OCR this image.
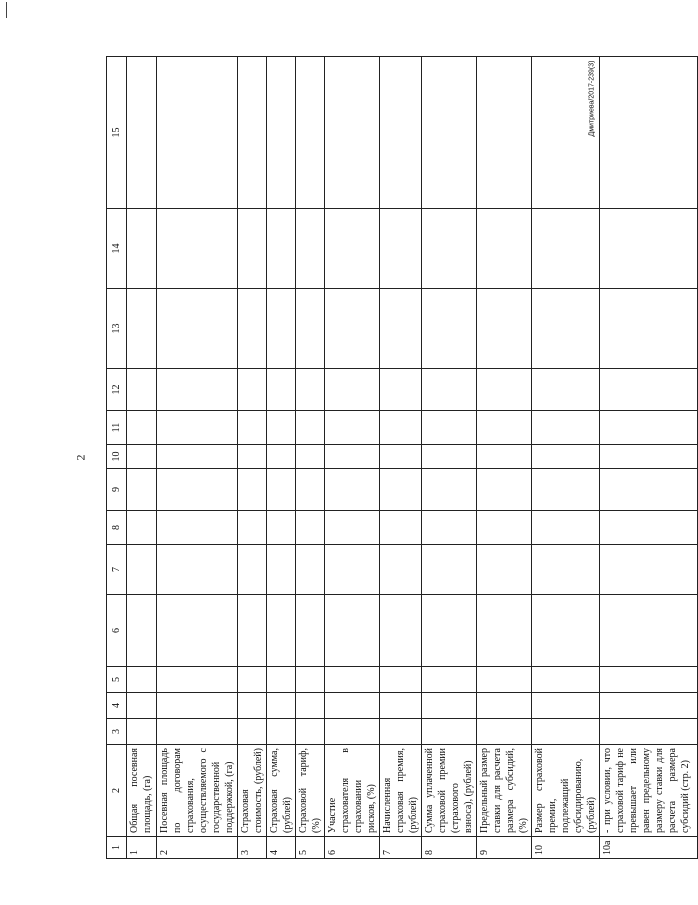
2
Дмитриева/2017-239(3)
1	2	3	4	5	6	7	8	9	10	11	12	13	14	15
1	Общая посевная площадь, (га)													
2	Посевная площадь по договорам страхования, осуществляемого с государственной поддержкой, (га)													
3	Страховая стоимость, (рублей)													
4	Страховая сумма, (рублей)													
5	Страховой тариф, (%)													
6	Участие страхователя в страховании рисков, (%)													
7	Начисленная страховая премия, (рублей)													
8	Сумма уплаченной страховой премии (страхового взноса), (рублей)													
9	Предельный размер ставки для расчета размера субсидий, (%)													
10	Размер страховой премии, подлежащий субсидированию, (рублей)													
10а	- при условии, что страховой тариф не превышает или равен предельному размеру ставки для расчета размера субсидий (стр. 2)													
